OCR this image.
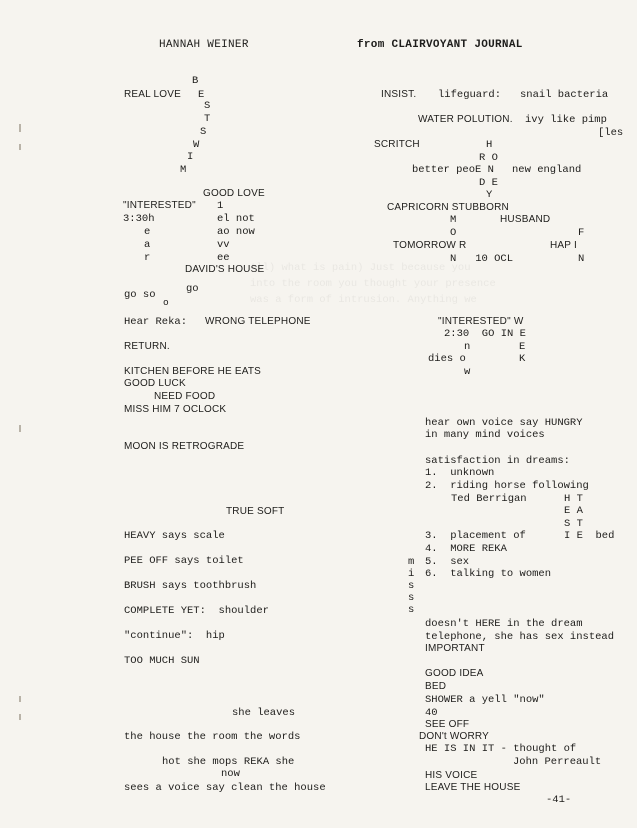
All) what is pain) Just because you
into the room you thought your presence
was a form of intrusion. Anything we
HANNAH WEINER	from CLAIRVOYANT JOURNAL
B
REAL LOVE E
S
T
S
W
I
M
GOOD LOVE
"INTERESTED" 1
3:30h	el not
e	ao now
a	vv
r	ee
DAVID'S HOUSE
go so
o
go
Hear Reka: WRONG TELEPHONE
RETURN.
KITCHEN BEFORE HE EATS
GOOD LUCK
NEED FOOD
MISS HIM 7 OCLOCK
MOON IS RETROGRADE
TRUE SOFT
HEAVY says scale
PEE OFF says toilet
BRUSH says toothbrush
COMPLETE YET:  shoulder
"continue":  hip
TOO MUCH SUN
she leaves
the house the room the words
hot she mops REKA she
now
sees a voice say clean the house
INSIST. lifeguard: snail bacteria
WATER POLUTION. ivy like pimp
[les
SCRITCH	H
R O
better peoE N new england
D E
Y
CAPRICORN STUBBORN
M	HUSBAND
O	F
TOMORROW R	HAP I
N   10 OCL	N
"INTERESTED" W
2:30  GO IN E
n	E
dies o	K
w
hear own voice say HUNGRY
in many mind voices
satisfaction in dreams:
1.  unknown
2.  riding horse following
Ted Berrigan	H T
E A
S T
3.  placement of	I E  bed
4.  MORE REKA
5.  sex
6.  talking to women
m
i
s
s
s
doesn't HERE in the dream
telephone, she has sex instead
IMPORTANT
GOOD IDEA
BED
SHOWER a yell "now"
40
SEE OFF
DON't WORRY
HE IS IN IT - thought of
John Perreault
HIS VOICE
LEAVE THE HOUSE
-41-
